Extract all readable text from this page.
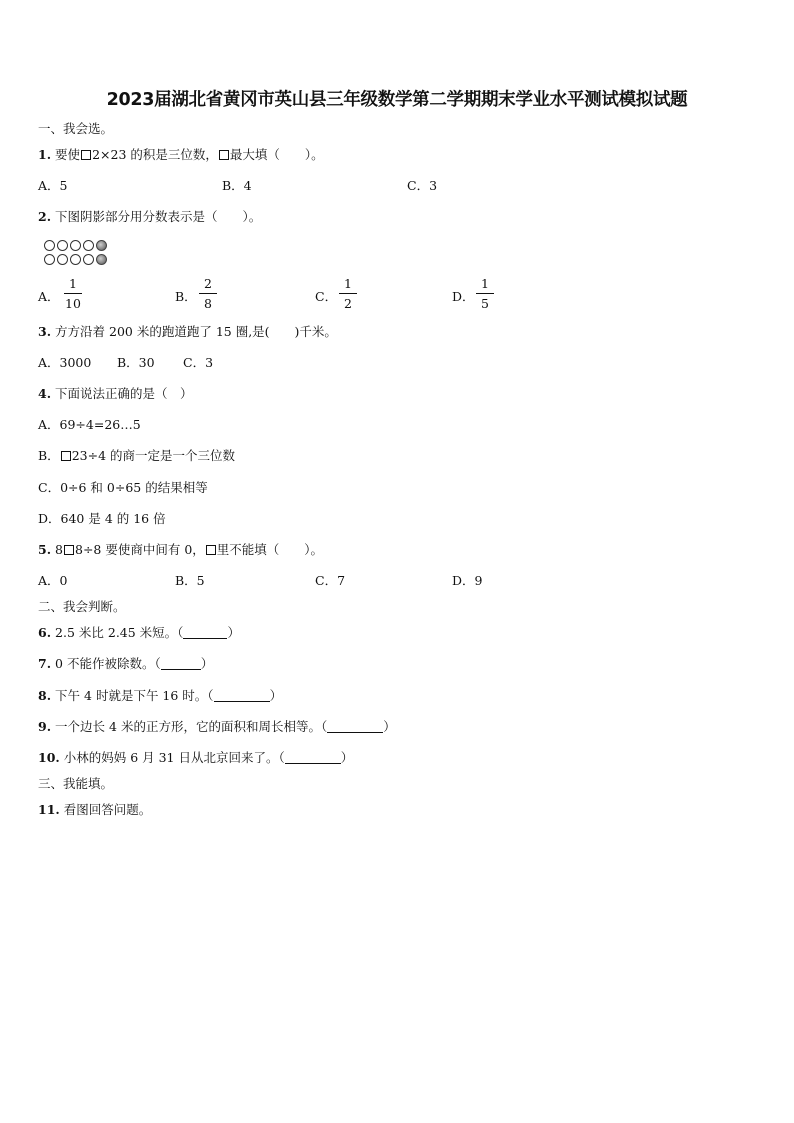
2023届湖北省黄冈市英山县三年级数学第二学期期末学业水平测试模拟试题
一、我会选。
1. 要使 2×23 的积是三位数， 最大填（　　）。
A．5	B．4	C．3
2. 下图阴影部分用分数表示是（　　）。
A．
1
10	B．
2
8	C．
1
2	D．
1
5
3. 方方沿着 200 米的跑道跑了 15 圈,是(　　)千米。
A．3000 B．30 C．3
4. 下面说法正确的是（　）
A．69÷4=26…5
B． 23÷4 的商一定是一个三位数
C．0÷6 和 0÷65 的结果相等
D．640 是 4 的 16 倍
5. 8 8÷8 要使商中间有 0， 里不能填（　　）。
A．0	B．5	C．7	D．9
二、我会判断。
6. 2.5 米比 2.45 米短。（	）
7. 0 不能作被除数。（	）
8. 下午 4 时就是下午 16 时。（	）
9. 一个边长 4 米的正方形，它的面积和周长相等。（	）
10. 小林的妈妈 6 月 31 日从北京回来了。（	）
三、我能填。
11. 看图回答问题。
